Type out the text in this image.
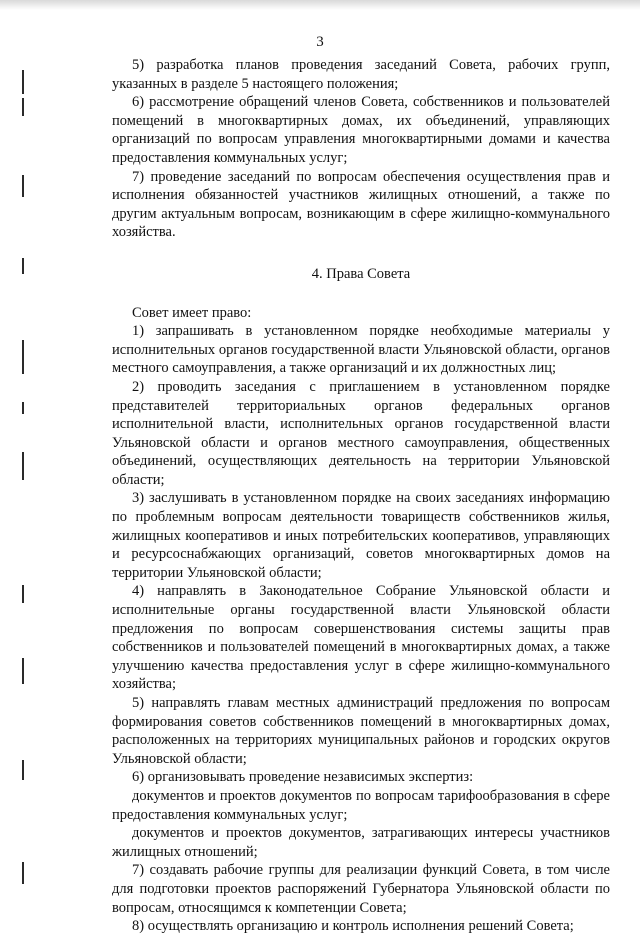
3

5) разработка планов проведения заседаний Совета, рабочих групп, указанных в разделе 5 настоящего положения;

6) рассмотрение обращений членов Совета, собственников и пользователей помещений в многоквартирных домах, их объединений, управляющих организаций по вопросам управления многоквартирными домами и качества предоставления коммунальных услуг;

7) проведение заседаний по вопросам обеспечения осуществления прав и исполнения обязанностей участников жилищных отношений, а также по другим актуальным вопросам, возникающим в сфере жилищно-коммунального хозяйства.

4. Права Совета

Совет имеет право:

1) запрашивать в установленном порядке необходимые материалы у исполнительных органов государственной власти Ульяновской области, органов местного самоуправления, а также организаций и их должностных лиц;

2) проводить заседания с приглашением в установленном порядке представителей территориальных органов федеральных органов исполнительной власти, исполнительных органов государственной власти Ульяновской области и органов местного самоуправления, общественных объединений, осуществляющих деятельность на территории Ульяновской области;

3) заслушивать в установленном порядке на своих заседаниях информацию по проблемным вопросам деятельности товариществ собственников жилья, жилищных кооперативов и иных потребительских кооперативов, управляющих и ресурсоснабжающих организаций, советов многоквартирных домов на территории Ульяновской области;

4) направлять в Законодательное Собрание Ульяновской области и исполнительные органы государственной власти Ульяновской области предложения по вопросам совершенствования системы защиты прав собственников и пользователей помещений в многоквартирных домах, а также улучшению качества предоставления услуг в сфере жилищно-коммунального хозяйства;

5) направлять главам местных администраций предложения по вопросам формирования советов собственников помещений в многоквартирных домах, расположенных на территориях муниципальных районов и городских округов Ульяновской области;

6) организовывать проведение независимых экспертиз:

документов и проектов документов по вопросам тарифообразования в сфере предоставления коммунальных услуг;

документов и проектов документов, затрагивающих интересы участников жилищных отношений;

7) создавать рабочие группы для реализации функций Совета, в том числе для подготовки проектов распоряжений Губернатора Ульяновской области по вопросам, относящимся к компетенции Совета;

8) осуществлять организацию и контроль исполнения решений Совета;
